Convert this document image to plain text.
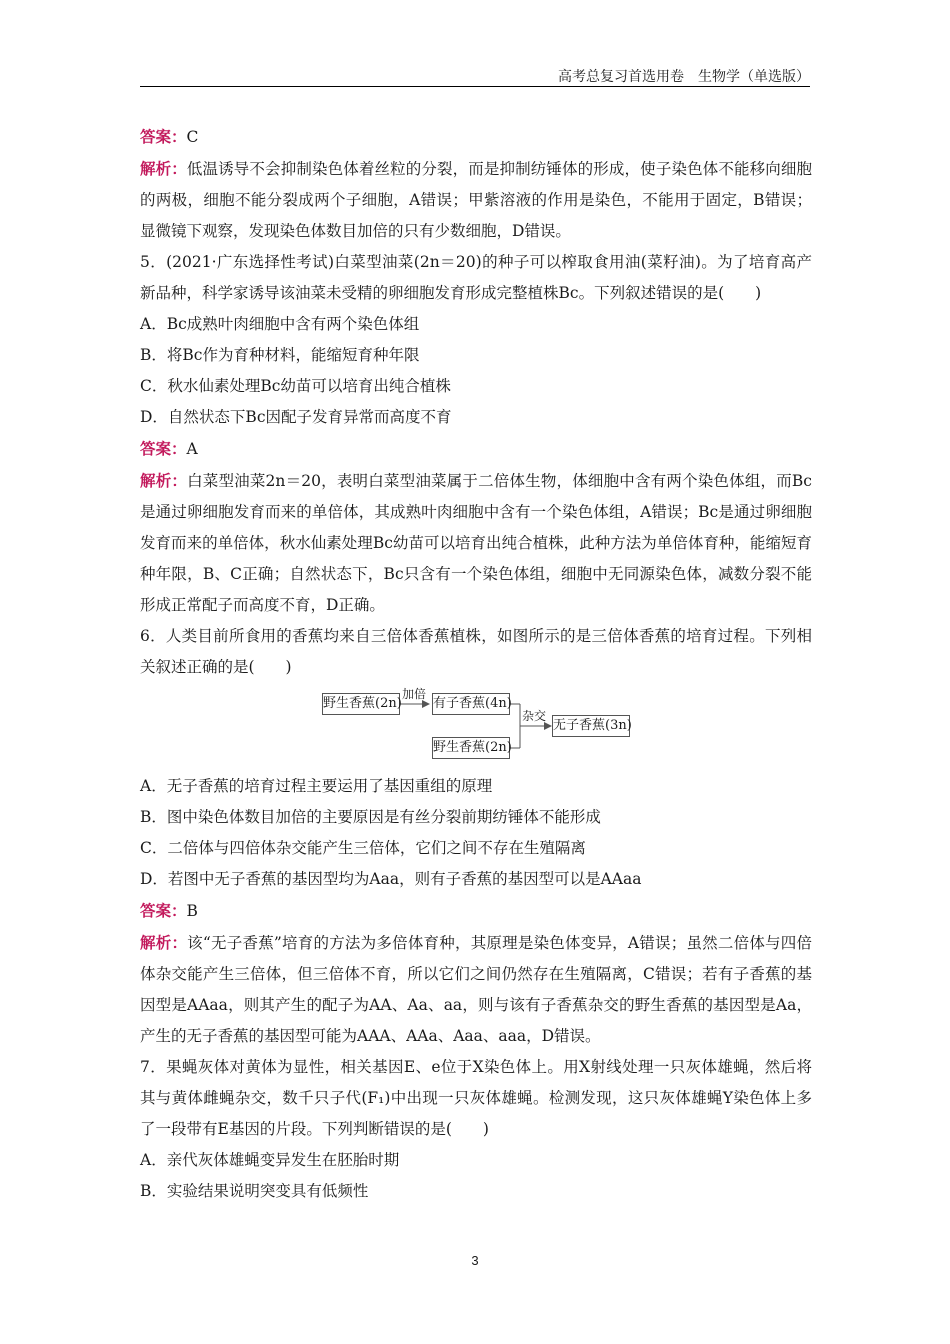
高考总复习首选用卷　生物学（单选版）

答案：C

解析：低温诱导不会抑制染色体着丝粒的分裂，而是抑制纺锤体的形成，使子染色体不能移向细胞的两极，细胞不能分裂成两个子细胞，A错误；甲紫溶液的作用是染色，不能用于固定，B错误；显微镜下观察，发现染色体数目加倍的只有少数细胞，D错误。

5．(2021·广东选择性考试)白菜型油菜(2n＝20)的种子可以榨取食用油(菜籽油)。为了培育高产新品种，科学家诱导该油菜未受精的卵细胞发育形成完整植株Bc。下列叙述错误的是(　　)

A．Bc成熟叶肉细胞中含有两个染色体组

B．将Bc作为育种材料，能缩短育种年限

C．秋水仙素处理Bc幼苗可以培育出纯合植株

D．自然状态下Bc因配子发育异常而高度不育

答案：A

解析：白菜型油菜2n＝20，表明白菜型油菜属于二倍体生物，体细胞中含有两个染色体组，而Bc是通过卵细胞发育而来的单倍体，其成熟叶肉细胞中含有一个染色体组，A错误；Bc是通过卵细胞发育而来的单倍体，秋水仙素处理Bc幼苗可以培育出纯合植株，此种方法为单倍体育种，能缩短育种年限，B、C正确；自然状态下，Bc只含有一个染色体组，细胞中无同源染色体，减数分裂不能形成正常配子而高度不育，D正确。

6．人类目前所食用的香蕉均来自三倍体香蕉植株，如图所示的是三倍体香蕉的培育过程。下列相关叙述正确的是(　　)

野生香蕉(2n)
加倍
有子香蕉(4n)
野生香蕉(2n)
杂交
无子香蕉(3n)

A．无子香蕉的培育过程主要运用了基因重组的原理

B．图中染色体数目加倍的主要原因是有丝分裂前期纺锤体不能形成

C．二倍体与四倍体杂交能产生三倍体，它们之间不存在生殖隔离

D．若图中无子香蕉的基因型均为Aaa，则有子香蕉的基因型可以是AAaa

答案：B

解析：该“无子香蕉”培育的方法为多倍体育种，其原理是染色体变异，A错误；虽然二倍体与四倍体杂交能产生三倍体，但三倍体不育，所以它们之间仍然存在生殖隔离，C错误；若有子香蕉的基因型是AAaa，则其产生的配子为AA、Aa、aa，则与该有子香蕉杂交的野生香蕉的基因型是Aa，产生的无子香蕉的基因型可能为AAA、AAa、Aaa、aaa，D错误。

7．果蝇灰体对黄体为显性，相关基因E、e位于X染色体上。用X射线处理一只灰体雄蝇，然后将其与黄体雌蝇杂交，数千只子代(F₁)中出现一只灰体雄蝇。检测发现，这只灰体雄蝇Y染色体上多了一段带有E基因的片段。下列判断错误的是(　　)

A．亲代灰体雄蝇变异发生在胚胎时期

B．实验结果说明突变具有低频性

3
